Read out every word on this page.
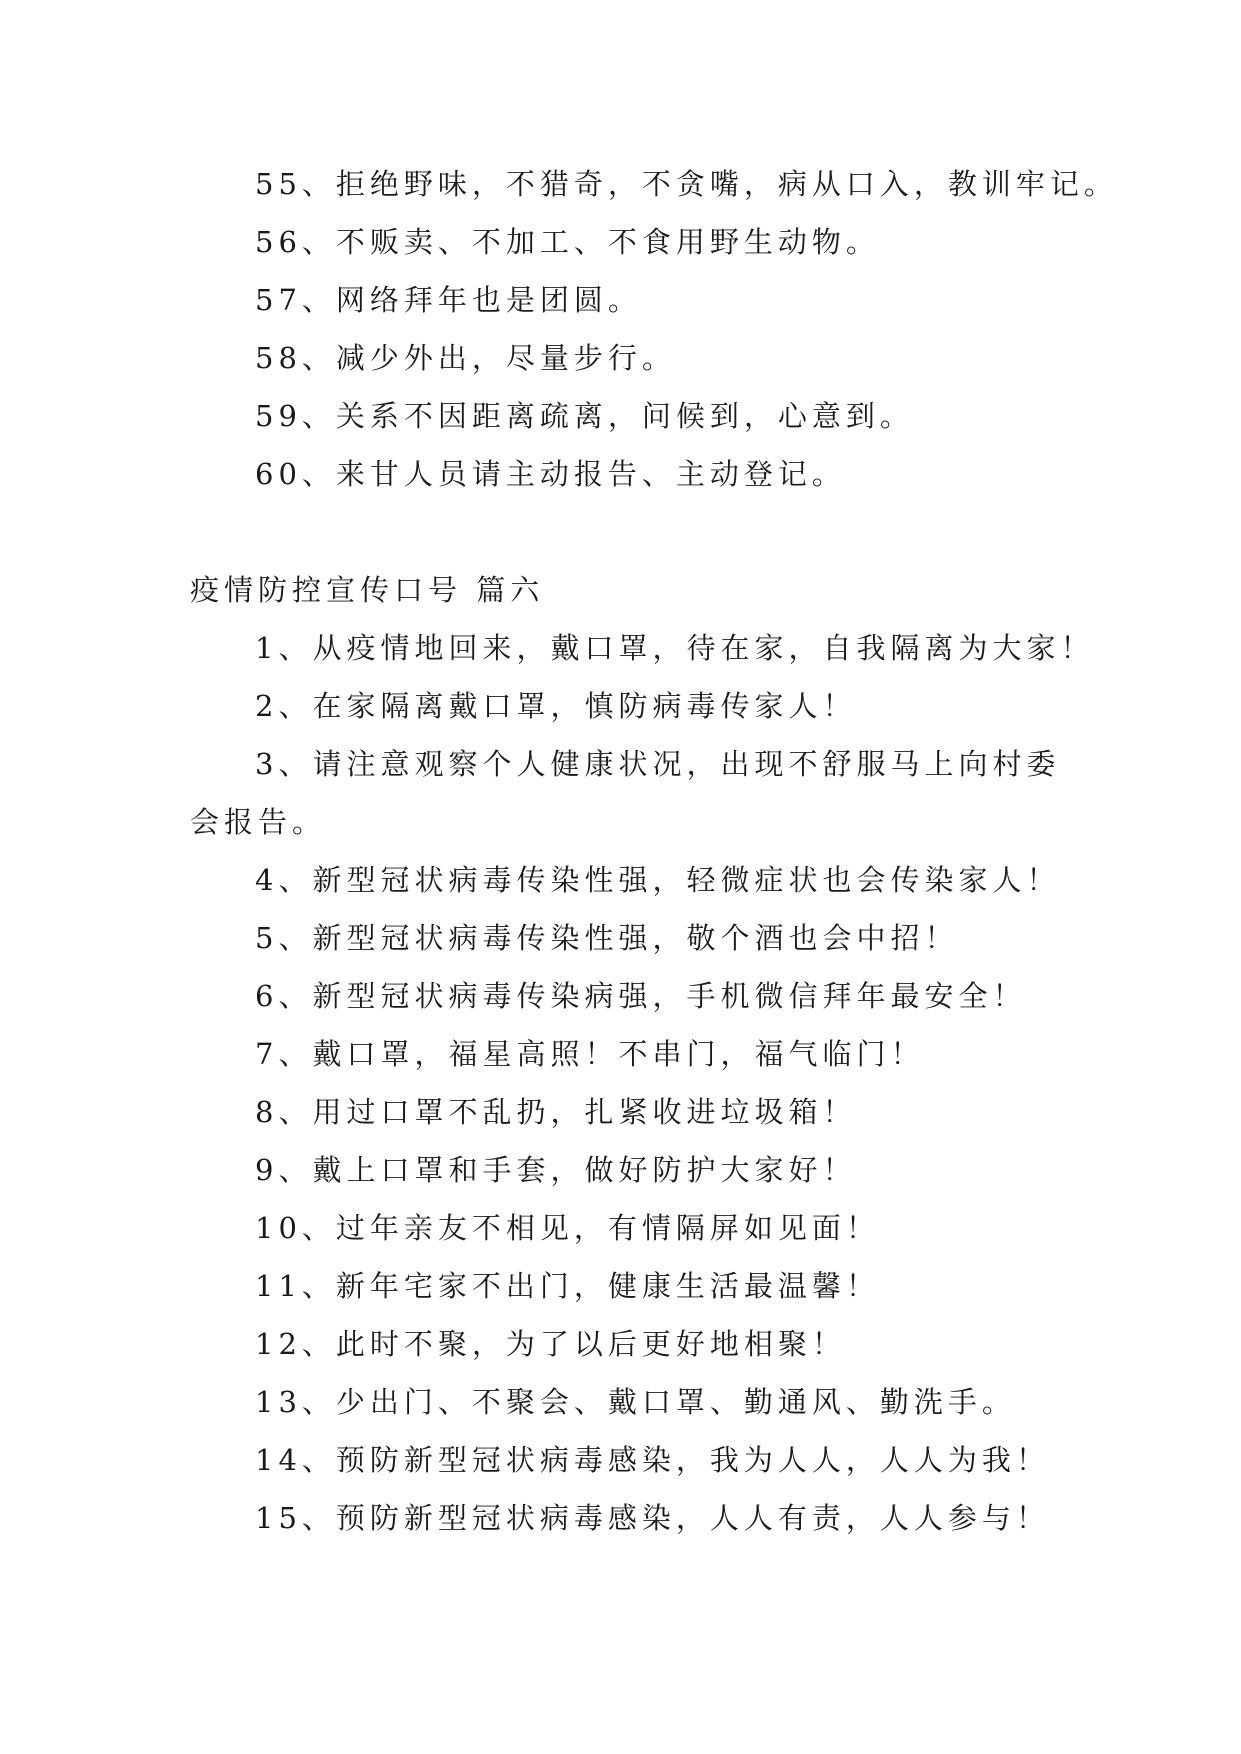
55、拒绝野味，不猎奇，不贪嘴，病从口入，教训牢记。

56、不贩卖、不加工、不食用野生动物。

57、网络拜年也是团圆。

58、减少外出，尽量步行。

59、关系不因距离疏离，问候到，心意到。

60、来甘人员请主动报告、主动登记。

疫情防控宣传口号 篇六

1、从疫情地回来，戴口罩，待在家，自我隔离为大家！

2、在家隔离戴口罩，慎防病毒传家人！

3、请注意观察个人健康状况，出现不舒服马上向村委

会报告。

4、新型冠状病毒传染性强，轻微症状也会传染家人！

5、新型冠状病毒传染性强，敬个酒也会中招！

6、新型冠状病毒传染病强，手机微信拜年最安全！

7、戴口罩，福星高照！不串门，福气临门！

8、用过口罩不乱扔，扎紧收进垃圾箱！

9、戴上口罩和手套，做好防护大家好！

10、过年亲友不相见，有情隔屏如见面！

11、新年宅家不出门，健康生活最温馨！

12、此时不聚，为了以后更好地相聚！

13、少出门、不聚会、戴口罩、勤通风、勤洗手。

14、预防新型冠状病毒感染，我为人人，人人为我！

15、预防新型冠状病毒感染，人人有责，人人参与！
